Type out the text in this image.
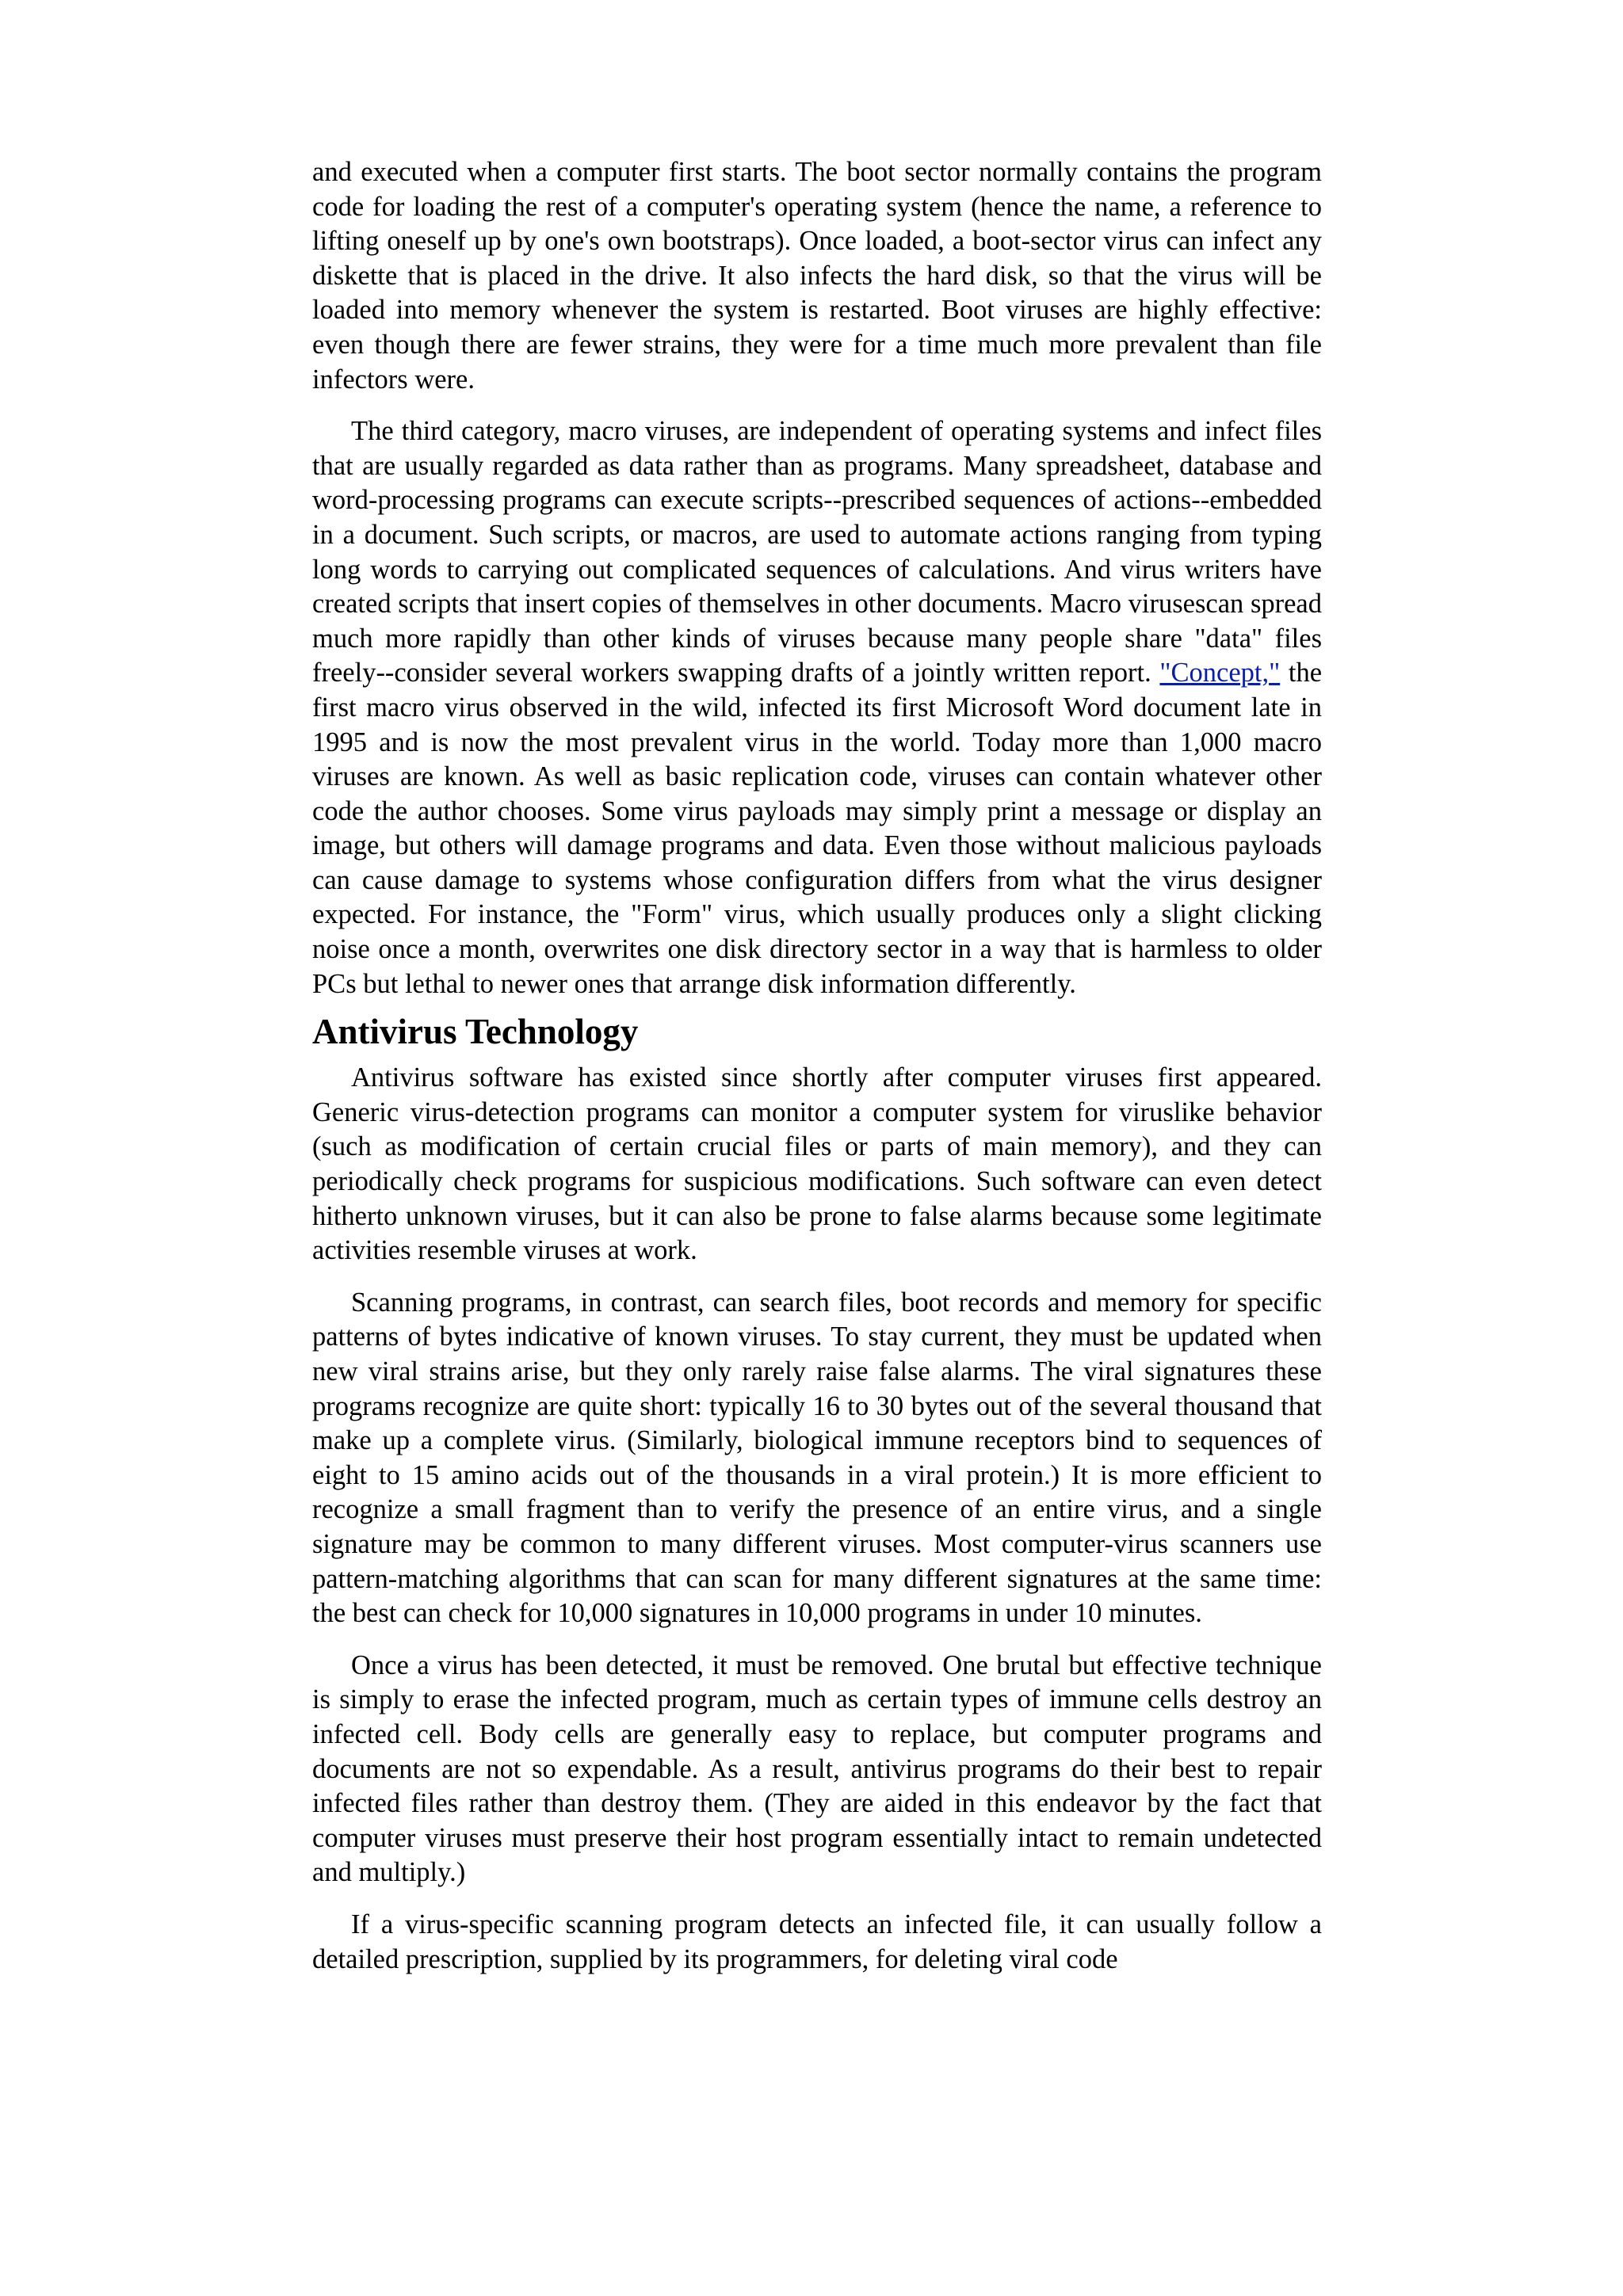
and executed when a computer first starts. The boot sector normally contains the program code for loading the rest of a computer's operating system (hence the name, a reference to lifting oneself up by one's own bootstraps). Once loaded, a boot-sector virus can infect any diskette that is placed in the drive. It also infects the hard disk, so that the virus will be loaded into memory whenever the system is restarted. Boot viruses are highly effective: even though there are fewer strains, they were for a time much more prevalent than file infectors were.

The third category, macro viruses, are independent of operating systems and infect files that are usually regarded as data rather than as programs. Many spreadsheet, database and word-processing programs can execute scripts--prescribed sequences of actions--embedded in a document. Such scripts, or macros, are used to automate actions ranging from typing long words to carrying out complicated sequences of calculations. And virus writers have created scripts that insert copies of themselves in other documents. Macro virusescan spread much more rapidly than other kinds of viruses because many people share "data" files freely--consider several workers swapping drafts of a jointly written report. "Concept," the first macro virus observed in the wild, infected its first Microsoft Word document late in 1995 and is now the most prevalent virus in the world. Today more than 1,000 macro viruses are known. As well as basic replication code, viruses can contain whatever other code the author chooses. Some virus payloads may simply print a message or display an image, but others will damage programs and data. Even those without malicious payloads can cause damage to systems whose configuration differs from what the virus designer expected. For instance, the "Form" virus, which usually produces only a slight clicking noise once a month, overwrites one disk directory sector in a way that is harmless to older PCs but lethal to newer ones that arrange disk information differently.

Antivirus Technology

Antivirus software has existed since shortly after computer viruses first appeared. Generic virus-detection programs can monitor a computer system for viruslike behavior (such as modification of certain crucial files or parts of main memory), and they can periodically check programs for suspicious modifications. Such software can even detect hitherto unknown viruses, but it can also be prone to false alarms because some legitimate activities resemble viruses at work.

Scanning programs, in contrast, can search files, boot records and memory for specific patterns of bytes indicative of known viruses. To stay current, they must be updated when new viral strains arise, but they only rarely raise false alarms. The viral signatures these programs recognize are quite short: typically 16 to 30 bytes out of the several thousand that make up a complete virus. (Similarly, biological immune receptors bind to sequences of eight to 15 amino acids out of the thousands in a viral protein.) It is more efficient to recognize a small fragment than to verify the presence of an entire virus, and a single signature may be common to many different viruses. Most computer-virus scanners use pattern-matching algorithms that can scan for many different signatures at the same time: the best can check for 10,000 signatures in 10,000 programs in under 10 minutes.

Once a virus has been detected, it must be removed. One brutal but effective technique is simply to erase the infected program, much as certain types of immune cells destroy an infected cell. Body cells are generally easy to replace, but computer programs and documents are not so expendable. As a result, antivirus programs do their best to repair infected files rather than destroy them. (They are aided in this endeavor by the fact that computer viruses must preserve their host program essentially intact to remain undetected and multiply.)

If a virus-specific scanning program detects an infected file, it can usually follow a detailed prescription, supplied by its programmers, for deleting viral code
